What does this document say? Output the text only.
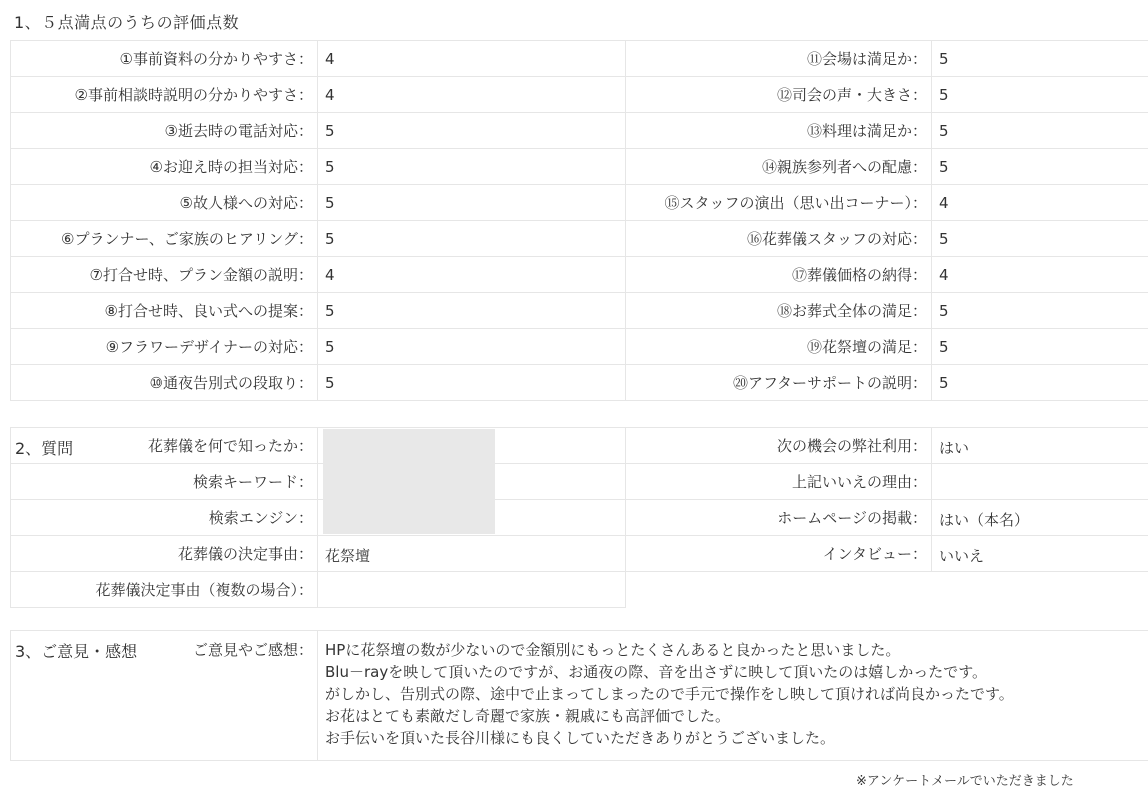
1、５点満点のうちの評価点数
①事前資料の分かりやすさ：	4	⑪会場は満足か：	5
②事前相談時説明の分かりやすさ：	4	⑫司会の声・大きさ：	5
③逝去時の電話対応：	5	⑬料理は満足か：	5
④お迎え時の担当対応：	5	⑭親族参列者への配慮：	5
⑤故人様への対応：	5	⑮スタッフの演出（思い出コーナー）：	4
⑥プランナー、ご家族のヒアリング：	5	⑯花葬儀スタッフの対応：	5
⑦打合せ時、プラン金額の説明：	4	⑰葬儀価格の納得：	4
⑧打合せ時、良い式への提案：	5	⑱お葬式全体の満足：	5
⑨フラワーデザイナーの対応：	5	⑲花祭壇の満足：	5
⑩通夜告別式の段取り：	5	⑳アフターサポートの説明：	5
2、質問 花葬儀を何で知ったか：		次の機会の弊社利用：	はい
検索キーワード：		上記いいえの理由：	
検索エンジン：		ホームページの掲載：	はい（本名）
花葬儀の決定事由：	花祭壇	インタビュー：	いいえ
花葬儀決定事由（複数の場合）：			
3、ご意見・感想	ご意見やご感想：	HPに花祭壇の数が少ないので金額別にもっとたくさんあると良かったと思いました。
Blu－rayを映して頂いたのですが、お通夜の際、音を出さずに映して頂いたのは嬉しかったです。
がしかし、告別式の際、途中で止まってしまったので手元で操作をし映して頂ければ尚良かったです。
お花はとても素敵だし奇麗で家族・親戚にも高評価でした。
お手伝いを頂いた長谷川様にも良くしていただきありがとうございました。
※アンケートメールでいただきました
